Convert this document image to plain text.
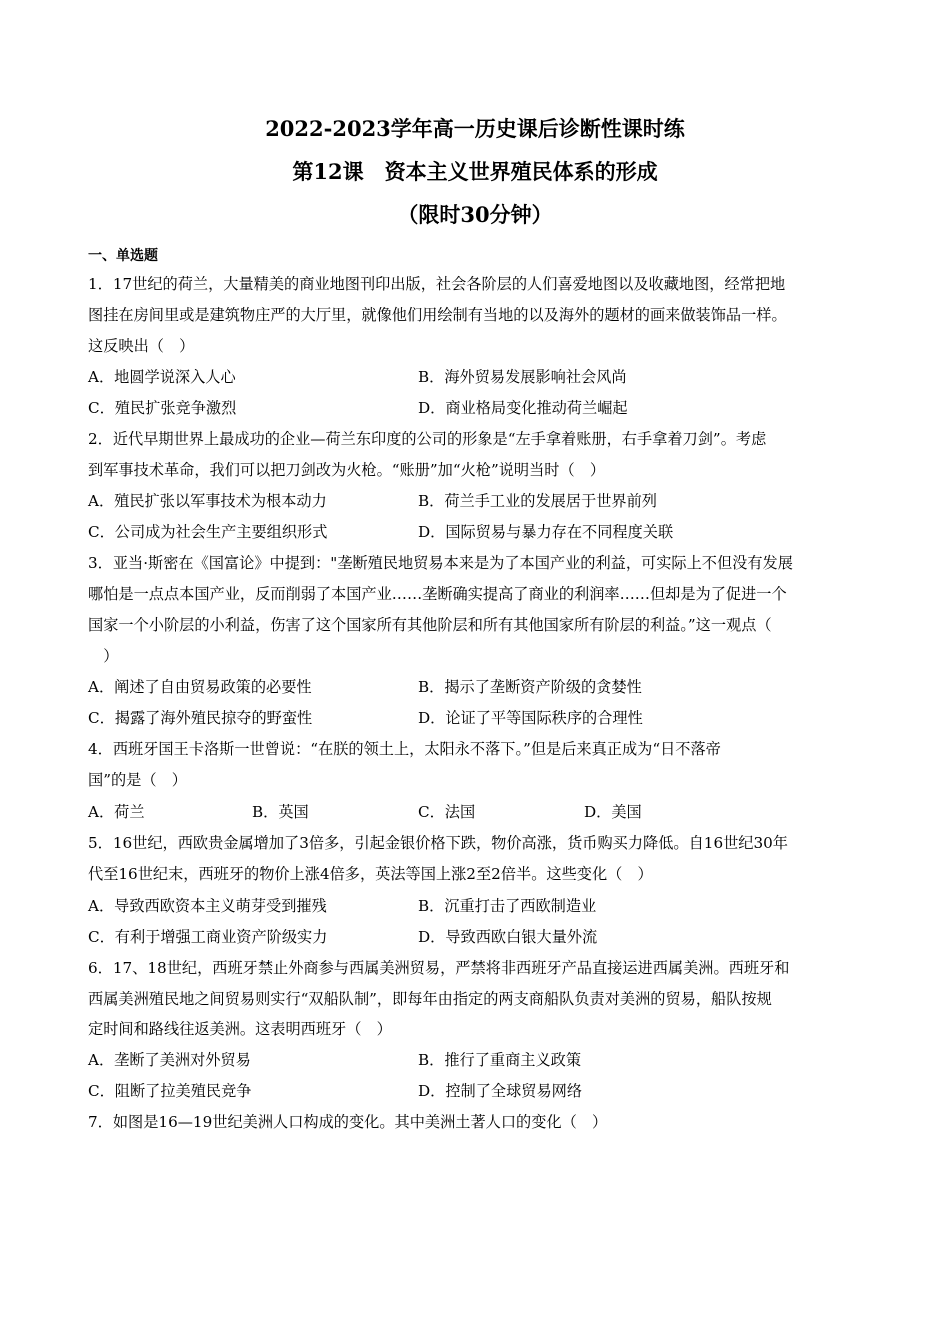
2022-2023学年高一历史课后诊断性课时练
第12课　资本主义世界殖民体系的形成
（限时30分钟）
一、单选题
1．17世纪的荷兰，大量精美的商业地图刊印出版，社会各阶层的人们喜爱地图以及收藏地图，经常把地
图挂在房间里或是建筑物庄严的大厅里，就像他们用绘制有当地的以及海外的题材的画来做装饰品一样。
这反映出（　）
A．地圆学说深入人心	B．海外贸易发展影响社会风尚
C．殖民扩张竞争激烈	D．商业格局变化推动荷兰崛起
2．近代早期世界上最成功的企业—荷兰东印度的公司的形象是“左手拿着账册，右手拿着刀剑”。考虑
到军事技术革命，我们可以把刀剑改为火枪。“账册”加“火枪”说明当时（　）
A．殖民扩张以军事技术为根本动力	B．荷兰手工业的发展居于世界前列
C．公司成为社会生产主要组织形式	D．国际贸易与暴力存在不同程度关联
3．亚当·斯密在《国富论》中提到："垄断殖民地贸易本来是为了本国产业的利益，可实际上不但没有发展
哪怕是一点点本国产业，反而削弱了本国产业……垄断确实提高了商业的利润率……但却是为了促进一个
国家一个小阶层的小利益，伤害了这个国家所有其他阶层和所有其他国家所有阶层的利益。”这一观点（
　）
A．阐述了自由贸易政策的必要性	B．揭示了垄断资产阶级的贪婪性
C．揭露了海外殖民掠夺的野蛮性	D．论证了平等国际秩序的合理性
4．西班牙国王卡洛斯一世曾说：“在朕的领土上，太阳永不落下。”但是后来真正成为“日不落帝
国”的是（　）
A．荷兰	B．英国	C．法国	D．美国
5．16世纪，西欧贵金属增加了3倍多，引起金银价格下跌，物价高涨，货币购买力降低。自16世纪30年
代至16世纪末，西班牙的物价上涨4倍多，英法等国上涨2至2倍半。这些变化（　）
A．导致西欧资本主义萌芽受到摧残	B．沉重打击了西欧制造业
C．有利于增强工商业资产阶级实力	D．导致西欧白银大量外流
6．17、18世纪，西班牙禁止外商参与西属美洲贸易，严禁将非西班牙产品直接运进西属美洲。西班牙和
西属美洲殖民地之间贸易则实行“双船队制”，即每年由指定的两支商船队负责对美洲的贸易，船队按规
定时间和路线往返美洲。这表明西班牙（　）
A．垄断了美洲对外贸易	B．推行了重商主义政策
C．阻断了拉美殖民竞争	D．控制了全球贸易网络
7．如图是16—19世纪美洲人口构成的变化。其中美洲土著人口的变化（　）
